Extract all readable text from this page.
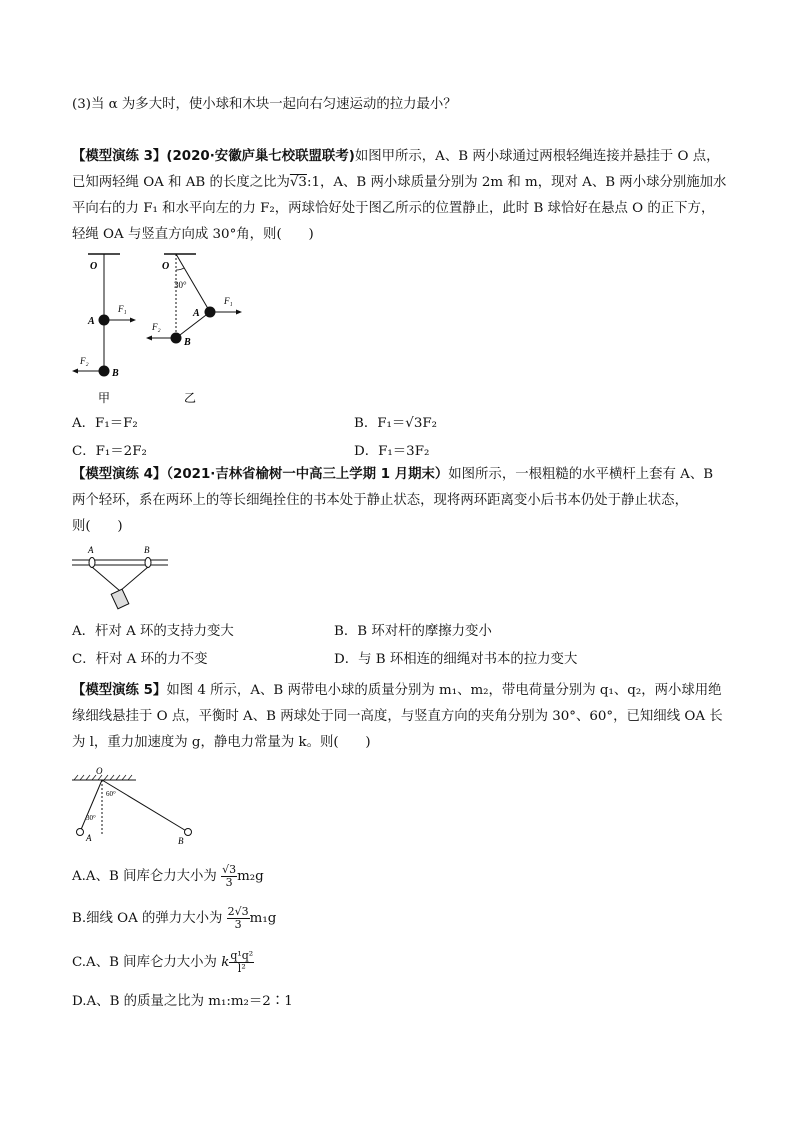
(3)当 α 为多大时，使小球和木块一起向右匀速运动的拉力最小？
【模型演练 3】(2020·安徽庐巢七校联盟联考)如图甲所示，A、B 两小球通过两根轻绳连接并悬挂于 O 点，
已知两轻绳 OA 和 AB 的长度之比为√3:1，A、B 两小球质量分别为 2m 和 m，现对 A、B 两小球分别施加水
平向右的力 F₁ 和水平向左的力 F₂，两球恰好处于图乙所示的位置静止，此时 B 球恰好在悬点 O 的正下方，
轻绳 OA 与竖直方向成 30°角，则(　　)
O
A
F₁
B
F₂
O
30°
A
F₁
B
F₂
甲	乙
A．F₁＝F₂	B．F₁＝√3F₂
C．F₁＝2F₂	D．F₁＝3F₂
【模型演练 4】（2021·吉林省榆树一中高三上学期 1 月期末）如图所示，一根粗糙的水平横杆上套有 A、B
两个轻环，系在两环上的等长细绳拴住的书本处于静止状态，现将两环距离变小后书本仍处于静止状态，
则(　　)
A	B
A．杆对 A 环的支持力变大	B．B 环对杆的摩擦力变小
C．杆对 A 环的力不变	D．与 B 环相连的细绳对书本的拉力变大
【模型演练 5】如图 4 所示，A、B 两带电小球的质量分别为 m₁、m₂，带电荷量分别为 q₁、q₂，两小球用绝
缘细线悬挂于 O 点，平衡时 A、B 两球处于同一高度，与竖直方向的夹角分别为 30°、60°，已知细线 OA 长
为 l，重力加速度为 g，静电力常量为 k。则(　　)
O
60°
30°
A	B
A.A、B 间库仑力大小为 $\frac{√3}{3} m_2g$
B.细线 OA 的弹力大小为 $\frac{2√3}{3} m_1g$
C.A、B 间库仑力大小为 k $\frac{\text{q¹q²}}{\text{l²}}$
D.A、B 的质量之比为 m₁:m₂＝2∶1
